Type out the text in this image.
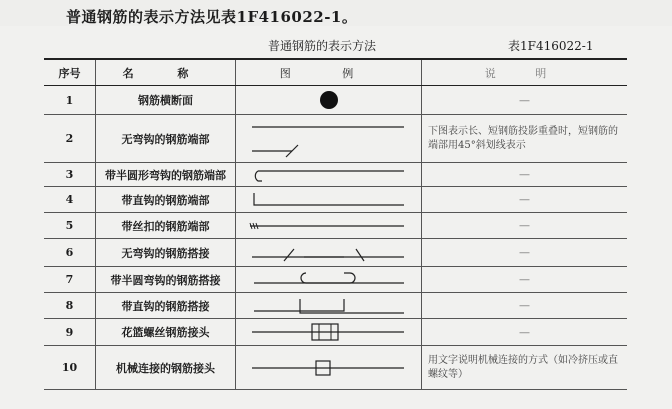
普通钢筋的表示方法见表1F416022-1。
普通钢筋的表示方法	表1F416022-1
序号	名 称	图 例	说 明
1	钢筋横断面		—
2	无弯钩的钢筋端部		下图表示长、短钢筋投影重叠时，短钢筋的端部用45°斜划线表示
3	带半圆形弯钩的钢筋端部		—
4	带直钩的钢筋端部		—
5	带丝扣的钢筋端部		—
6	无弯钩的钢筋搭接		—
7	带半圆弯钩的钢筋搭接		—
8	带直钩的钢筋搭接		—
9	花篮螺丝钢筋接头		—
10	机械连接的钢筋接头		用文字说明机械连接的方式（如冷挤压或直螺纹等）
